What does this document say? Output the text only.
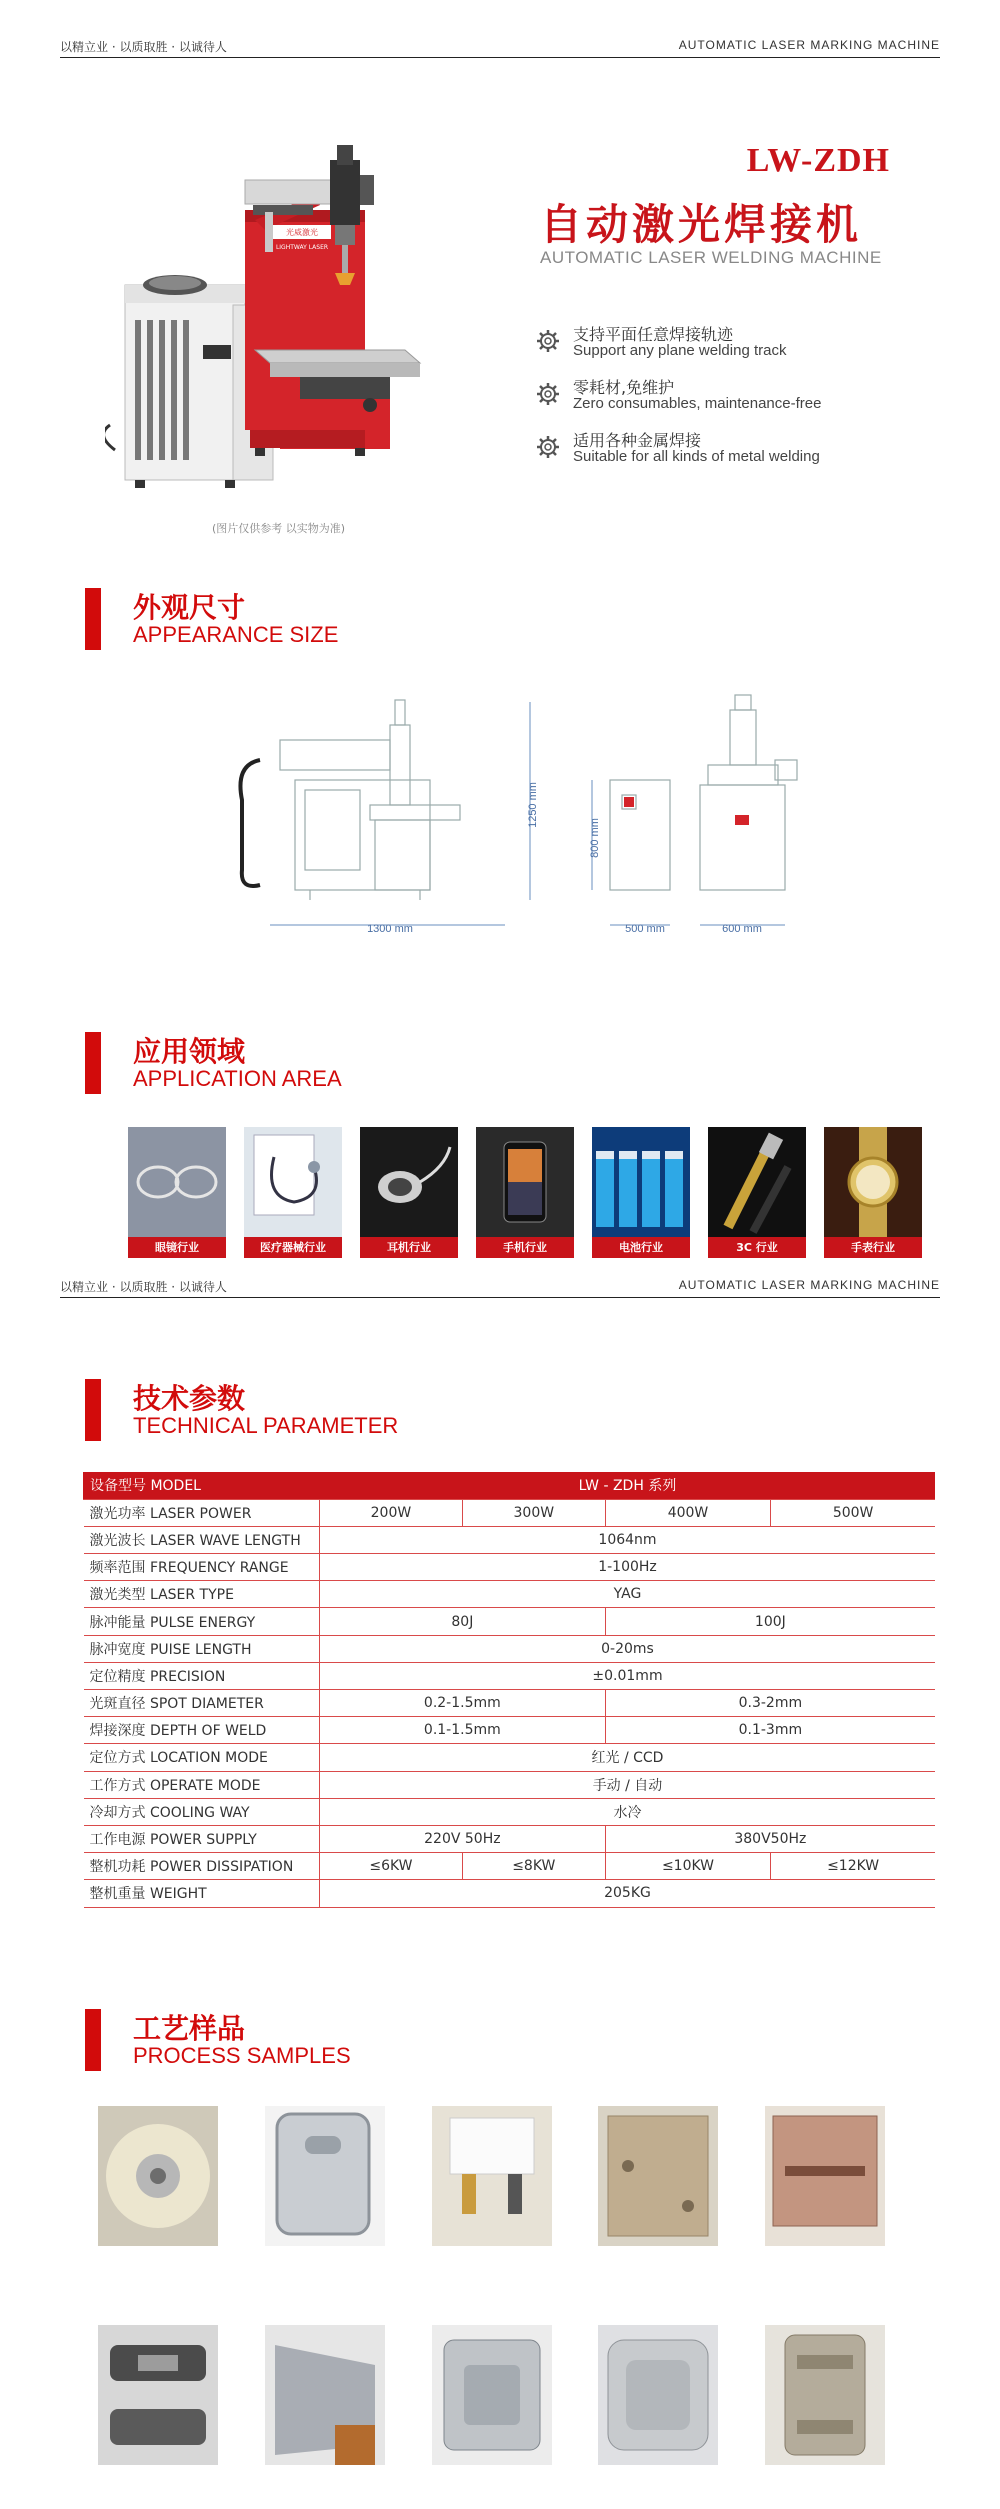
以精立业 · 以质取胜 · 以诚待人	AUTOMATIC LASER MARKING MACHINE
光威激光
LIGHTWAY LASER
(图片仅供参考 以实物为准)
LW-ZDH
自动激光焊接机
AUTOMATIC LASER WELDING MACHINE
支持平面任意焊接轨迹
Support any plane welding track
零耗材,免维护
Zero consumables, maintenance-free
适用各种金属焊接
Suitable for all kinds of metal welding
外观尺寸
APPEARANCE SIZE
1300 mm
1250 mm
800 mm
500 mm	600 mm
应用领域
APPLICATION AREA
眼镜行业	医疗器械行业	耳机行业	手机行业	电池行业	3C 行业	手表行业
以精立业 · 以质取胜 · 以诚待人	AUTOMATIC LASER MARKING MACHINE
技术参数
TECHNICAL PARAMETER
设备型号 MODEL	LW - ZDH 系列			
激光功率 LASER POWER	200W	300W	400W	500W
激光波长 LASER WAVE LENGTH	1064nm			
频率范围 FREQUENCY RANGE	1-100Hz			
激光类型 LASER TYPE	YAG			
脉冲能量 PULSE ENERGY	80J		100J	
脉冲宽度 PUISE LENGTH	0-20ms			
定位精度 PRECISION	±0.01mm			
光斑直径 SPOT DIAMETER	0.2-1.5mm		0.3-2mm	
焊接深度 DEPTH OF WELD	0.1-1.5mm		0.1-3mm	
定位方式 LOCATION MODE	红光 / CCD			
工作方式 OPERATE MODE	手动 / 自动			
冷却方式 COOLING WAY	水冷			
工作电源 POWER SUPPLY	220V 50Hz		380V50Hz	
整机功耗 POWER DISSIPATION	≤6KW	≤8KW	≤10KW	≤12KW
整机重量 WEIGHT	205KG			
工艺样品
PROCESS SAMPLES
